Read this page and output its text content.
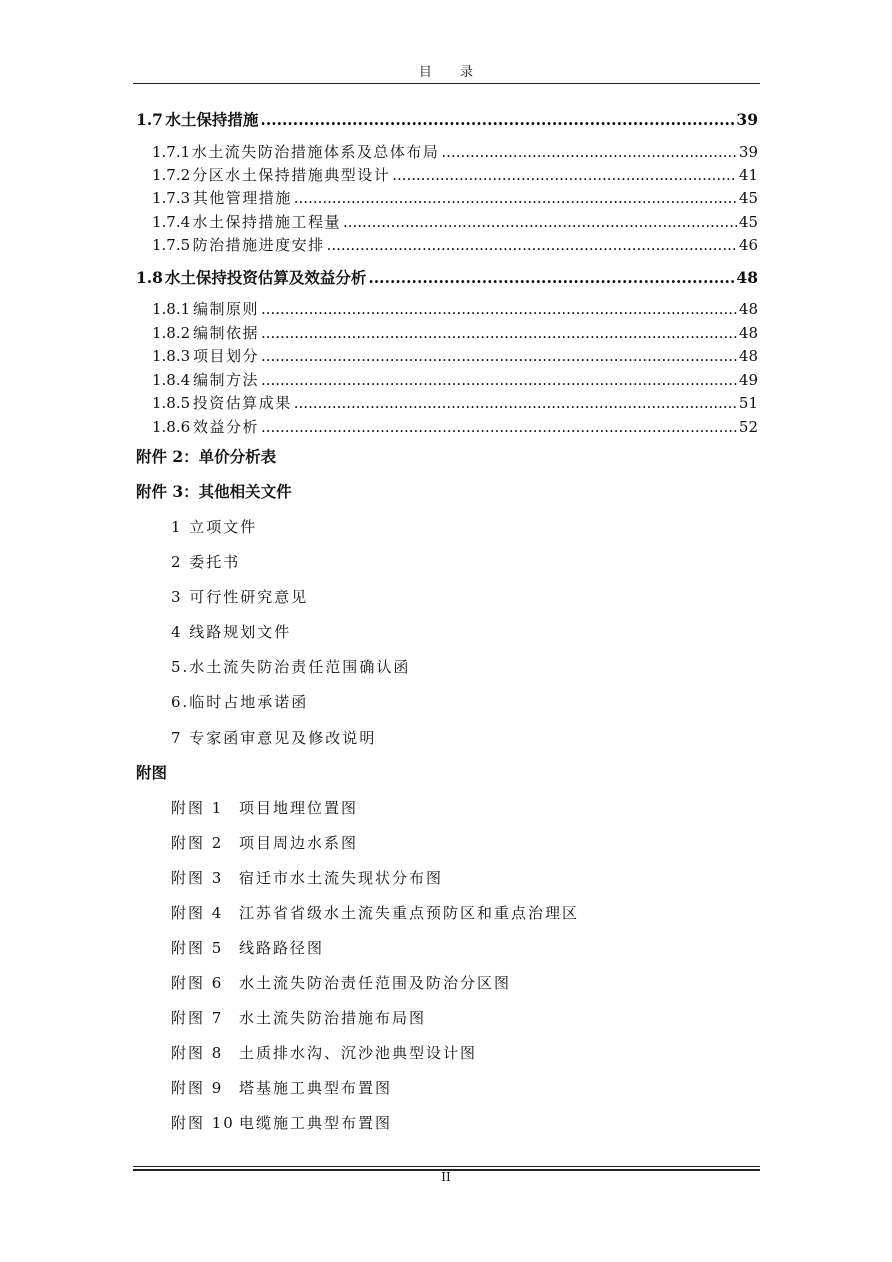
目 录
1.7 水土保持措施 .....	39
1.7.1 水土流失防治措施体系及总体布局 .....	39
1.7.2 分区水土保持措施典型设计 .....	41
1.7.3 其他管理措施 .....	45
1.7.4 水土保持措施工程量 .....	45
1.7.5 防治措施进度安排 .....	46
1.8 水土保持投资估算及效益分析 .....	48
1.8.1 编制原则 .....	48
1.8.2 编制依据 .....	48
1.8.3 项目划分 .....	48
1.8.4 编制方法 .....	49
1.8.5 投资估算成果 .....	51
1.8.6 效益分析 .....	52
附件 2：单价分析表
附件 3：其他相关文件
1 立项文件
2 委托书
3 可行性研究意见
4 线路规划文件
5.水土流失防治责任范围确认函
6.临时占地承诺函
7 专家函审意见及修改说明
附图
附图 1 项目地理位置图
附图 2 项目周边水系图
附图 3 宿迁市水土流失现状分布图
附图 4 江苏省省级水土流失重点预防区和重点治理区
附图 5 线路路径图
附图 6 水土流失防治责任范围及防治分区图
附图 7 水土流失防治措施布局图
附图 8 土质排水沟、沉沙池典型设计图
附图 9 塔基施工典型布置图
附图 10 电缆施工典型布置图
II
